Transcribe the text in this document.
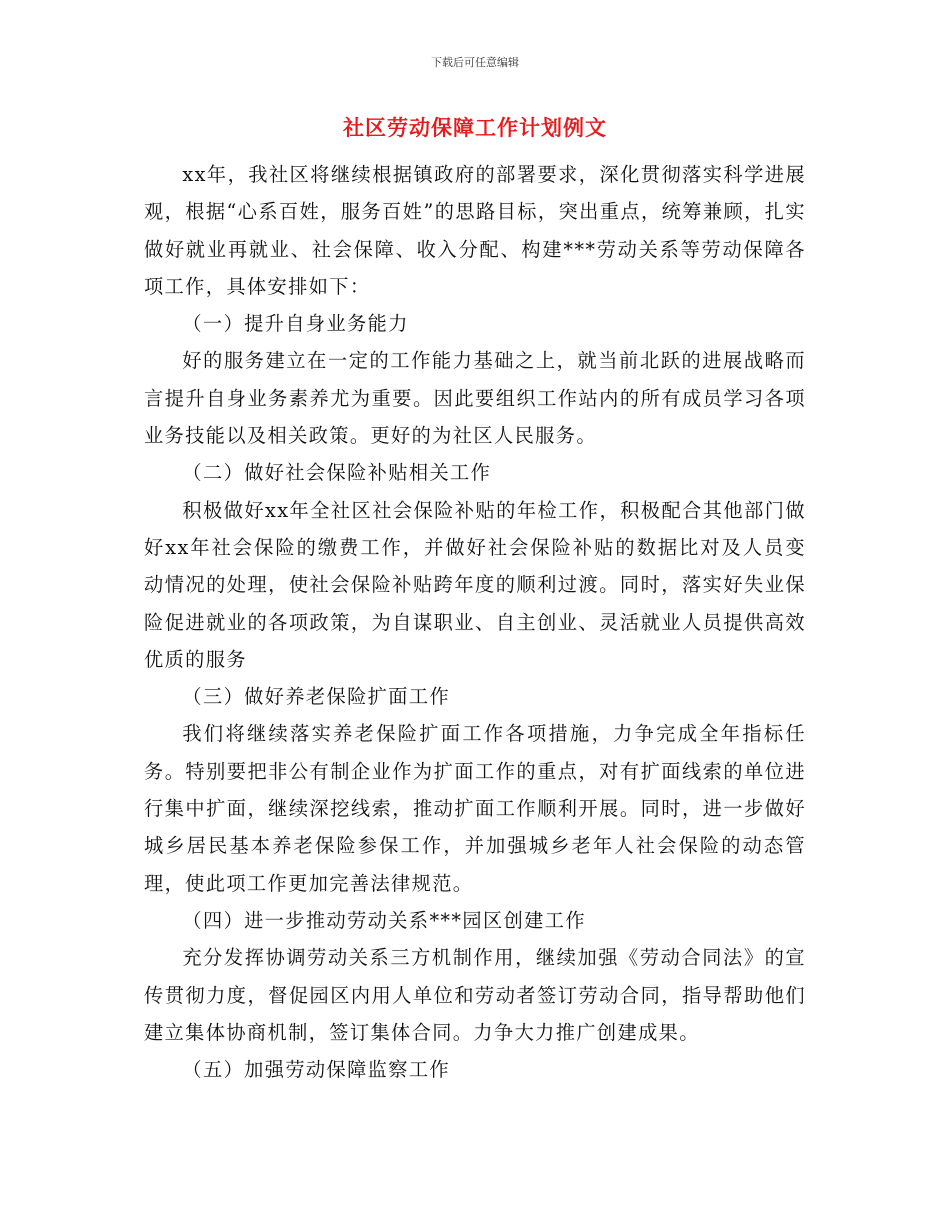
下载后可任意编辑
社区劳动保障工作计划例文

xx年，我社区将继续根据镇政府的部署要求，深化贯彻落实科学进展观，根据“心系百姓，服务百姓”的思路目标，突出重点，统筹兼顾，扎实做好就业再就业、社会保障、收入分配、构建***劳动关系等劳动保障各项工作，具体安排如下：

（一）提升自身业务能力

好的服务建立在一定的工作能力基础之上，就当前北跃的进展战略而言提升自身业务素养尤为重要。因此要组织工作站内的所有成员学习各项业务技能以及相关政策。更好的为社区人民服务。

（二）做好社会保险补贴相关工作

积极做好xx年全社区社会保险补贴的年检工作，积极配合其他部门做好xx年社会保险的缴费工作，并做好社会保险补贴的数据比对及人员变动情况的处理，使社会保险补贴跨年度的顺利过渡。同时，落实好失业保险促进就业的各项政策，为自谋职业、自主创业、灵活就业人员提供高效优质的服务

（三）做好养老保险扩面工作

我们将继续落实养老保险扩面工作各项措施，力争完成全年指标任务。特别要把非公有制企业作为扩面工作的重点，对有扩面线索的单位进行集中扩面，继续深挖线索，推动扩面工作顺利开展。同时，进一步做好城乡居民基本养老保险参保工作，并加强城乡老年人社会保险的动态管理，使此项工作更加完善法律规范。

（四）进一步推动劳动关系***园区创建工作

充分发挥协调劳动关系三方机制作用，继续加强《劳动合同法》的宣传贯彻力度，督促园区内用人单位和劳动者签订劳动合同，指导帮助他们建立集体协商机制，签订集体合同。力争大力推广创建成果。

（五）加强劳动保障监察工作
